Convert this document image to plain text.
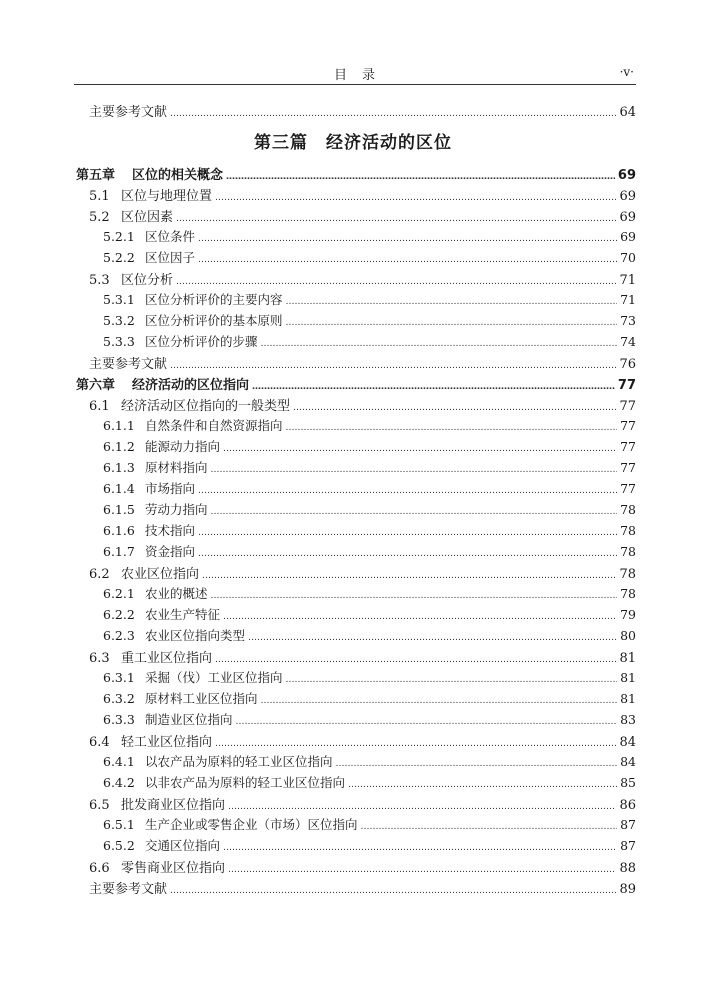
目　录	·v·
第三篇　经济活动的区位
主要参考文献 ……………………………………………………………………………………………………………………………………………………………………………………………………………………………………	64
第五章	区位的相关概念 ……………………………………………………………………………………………………………………………………………………………………………………………………………………………………	69
5.1 区位与地理位置 ……………………………………………………………………………………………………………………………………………………………………………………………………………………………………	69
5.2 区位因素 ……………………………………………………………………………………………………………………………………………………………………………………………………………………………………	69
5.2.1 区位条件 ……………………………………………………………………………………………………………………………………………………………………………………………………………………………………	69
5.2.2 区位因子 ……………………………………………………………………………………………………………………………………………………………………………………………………………………………………	70
5.3 区位分析 ……………………………………………………………………………………………………………………………………………………………………………………………………………………………………	71
5.3.1 区位分析评价的主要内容 ……………………………………………………………………………………………………………………………………………………………………………………………………………………………………	71
5.3.2 区位分析评价的基本原则 ……………………………………………………………………………………………………………………………………………………………………………………………………………………………………	73
5.3.3 区位分析评价的步骤 ……………………………………………………………………………………………………………………………………………………………………………………………………………………………………	74
主要参考文献 ……………………………………………………………………………………………………………………………………………………………………………………………………………………………………	76
第六章	经济活动的区位指向 ……………………………………………………………………………………………………………………………………………………………………………………………………………………………………	77
6.1 经济活动区位指向的一般类型 ……………………………………………………………………………………………………………………………………………………………………………………………………………………………………	77
6.1.1 自然条件和自然资源指向 ……………………………………………………………………………………………………………………………………………………………………………………………………………………………………	77
6.1.2 能源动力指向 ……………………………………………………………………………………………………………………………………………………………………………………………………………………………………	77
6.1.3 原材料指向 ……………………………………………………………………………………………………………………………………………………………………………………………………………………………………	77
6.1.4 市场指向 ……………………………………………………………………………………………………………………………………………………………………………………………………………………………………	77
6.1.5 劳动力指向 ……………………………………………………………………………………………………………………………………………………………………………………………………………………………………	78
6.1.6 技术指向 ……………………………………………………………………………………………………………………………………………………………………………………………………………………………………	78
6.1.7 资金指向 ……………………………………………………………………………………………………………………………………………………………………………………………………………………………………	78
6.2 农业区位指向 ……………………………………………………………………………………………………………………………………………………………………………………………………………………………………	78
6.2.1 农业的概述 ……………………………………………………………………………………………………………………………………………………………………………………………………………………………………	78
6.2.2 农业生产特征 ……………………………………………………………………………………………………………………………………………………………………………………………………………………………………	79
6.2.3 农业区位指向类型 ……………………………………………………………………………………………………………………………………………………………………………………………………………………………………	80
6.3 重工业区位指向 ……………………………………………………………………………………………………………………………………………………………………………………………………………………………………	81
6.3.1 采掘（伐）工业区位指向 ……………………………………………………………………………………………………………………………………………………………………………………………………………………………………	81
6.3.2 原材料工业区位指向 ……………………………………………………………………………………………………………………………………………………………………………………………………………………………………	81
6.3.3 制造业区位指向 ……………………………………………………………………………………………………………………………………………………………………………………………………………………………………	83
6.4 轻工业区位指向 ……………………………………………………………………………………………………………………………………………………………………………………………………………………………………	84
6.4.1 以农产品为原料的轻工业区位指向 ……………………………………………………………………………………………………………………………………………………………………………………………………………………………………	84
6.4.2 以非农产品为原料的轻工业区位指向 ……………………………………………………………………………………………………………………………………………………………………………………………………………………………………	85
6.5 批发商业区位指向 ……………………………………………………………………………………………………………………………………………………………………………………………………………………………………	86
6.5.1 生产企业或零售企业（市场）区位指向 ……………………………………………………………………………………………………………………………………………………………………………………………………………………………………	87
6.5.2 交通区位指向 ……………………………………………………………………………………………………………………………………………………………………………………………………………………………………	87
6.6 零售商业区位指向 ……………………………………………………………………………………………………………………………………………………………………………………………………………………………………	88
主要参考文献 ……………………………………………………………………………………………………………………………………………………………………………………………………………………………………	89
